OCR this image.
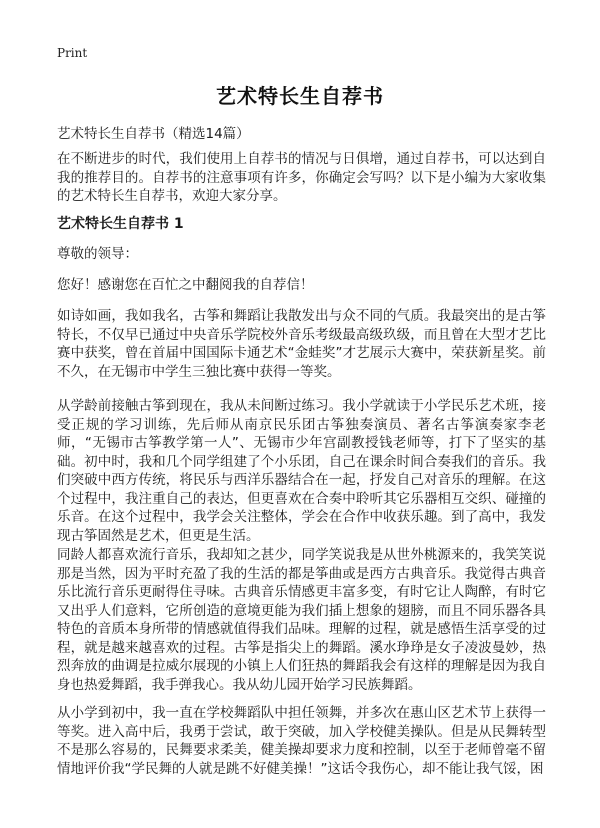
Print
艺术特长生自荐书
艺术特长生自荐书（精选14篇）
在不断进步的时代，我们使用上自荐书的情况与日俱增，通过自荐书，可以达到自我的推荐目的。自荐书的注意事项有许多，你确定会写吗？以下是小编为大家收集的艺术特长生自荐书，欢迎大家分享。
艺术特长生自荐书 1
尊敬的领导：
您好！感谢您在百忙之中翻阅我的自荐信！
如诗如画，我如我名，古筝和舞蹈让我散发出与众不同的气质。我最突出的是古筝特长，不仅早已通过中央音乐学院校外音乐考级最高级玖级，而且曾在大型才艺比赛中获奖，曾在首届中国国际卡通艺术“金蛙奖”才艺展示大赛中，荣获新星奖。前不久，在无锡市中学生三独比赛中获得一等奖。
从学龄前接触古筝到现在，我从未间断过练习。我小学就读于小学民乐艺术班，接受正规的学习训练，先后师从南京民乐团古筝独奏演员、著名古筝演奏家李老师，“无锡市古筝教学第一人”、无锡市少年宫副教授钱老师等，打下了坚实的基础。初中时，我和几个同学组建了个小乐团，自己在课余时间合奏我们的音乐。我们突破中西方传统，将民乐与西洋乐器结合在一起，抒发自己对音乐的理解。在这个过程中，我注重自己的表达，但更喜欢在合奏中聆听其它乐器相互交织、碰撞的乐音。在这个过程中，我学会关注整体，学会在合作中收获乐趣。到了高中，我发现古筝固然是艺术，但更是生活。
同龄人都喜欢流行音乐，我却知之甚少，同学笑说我是从世外桃源来的，我笑笑说那是当然，因为平时充盈了我的生活的都是筝曲或是西方古典音乐。我觉得古典音乐比流行音乐更耐得住寻味。古典音乐情感更丰富多变，有时它让人陶醉，有时它又出乎人们意料，它所创造的意境更能为我们插上想象的翅膀，而且不同乐器各具特色的音质本身所带的情感就值得我们品味。理解的过程，就是感悟生活享受的过程，就是越来越喜欢的过程。古筝是指尖上的舞蹈。溪水琤琤是女子凌波曼妙，热烈奔放的曲调是拉威尔展现的小镇上人们狂热的舞蹈我会有这样的理解是因为我自身也热爱舞蹈，我手弹我心。我从幼儿园开始学习民族舞蹈。
从小学到初中，我一直在学校舞蹈队中担任领舞，并多次在惠山区艺术节上获得一等奖。进入高中后，我勇于尝试，敢于突破，加入学校健美操队。但是从民舞转型不是那么容易的，民舞要求柔美，健美操却要求力度和控制，以至于老师曾毫不留情地评价我“学民舞的人就是跳不好健美操！”这话令我伤心，却不能让我气馁，困
